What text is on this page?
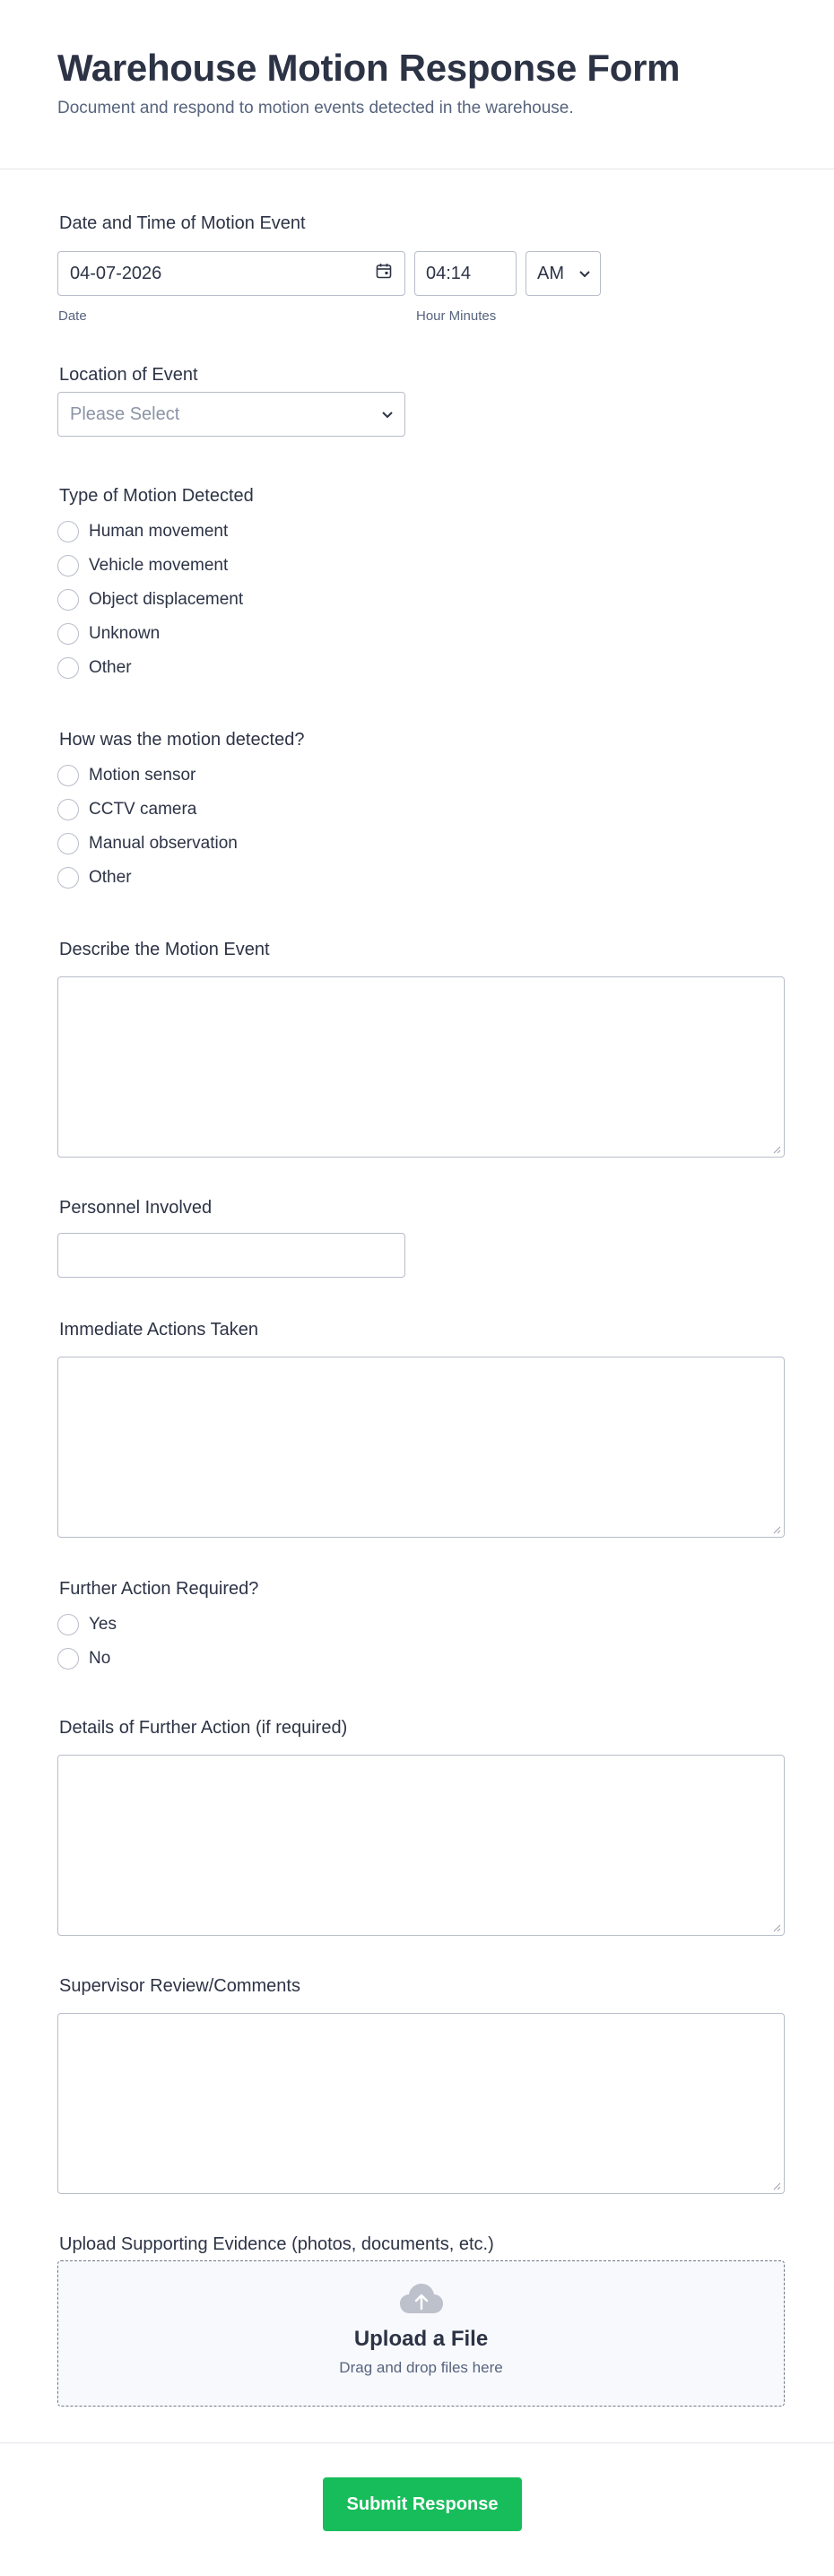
Warehouse Motion Response Form
Document and respond to motion events detected in the warehouse.
Date and Time of Motion Event
04-07-2026
Date
04:14
Hour Minutes
AM
Location of Event
Please Select
Type of Motion Detected
Human movement
Vehicle movement
Object displacement
Unknown
Other
How was the motion detected?
Motion sensor
CCTV camera
Manual observation
Other
Describe the Motion Event
Personnel Involved
Immediate Actions Taken
Further Action Required?
Yes
No
Details of Further Action (if required)
Supervisor Review/Comments
Upload Supporting Evidence (photos, documents, etc.)
Upload a File
Drag and drop files here
Submit Response
